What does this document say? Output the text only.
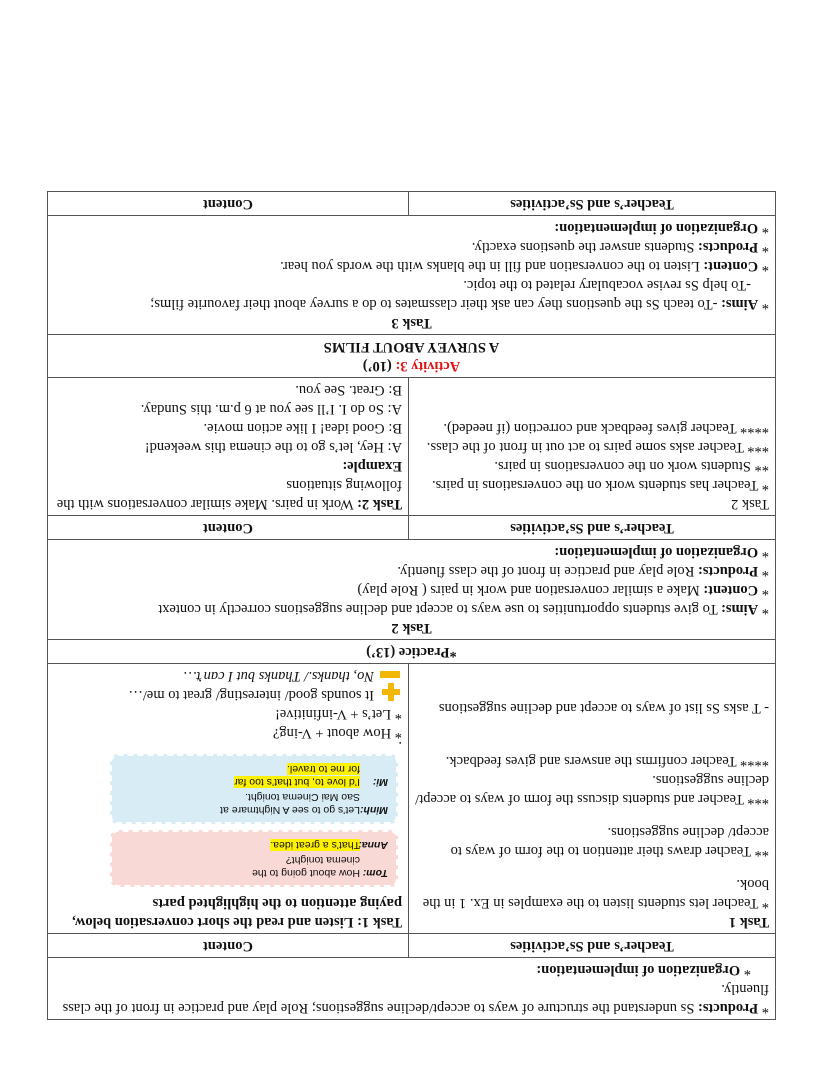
* Products: Ss understand the structure of ways to accept/decline suggestions; Role play and practice in front of the class fluently.

* Organization of implementation:

Teacher’s and Ss’activities
Content

Task 1

* Teacher lets students listen to the examples in Ex. 1 in the book.

** Teacher draws their attention to the form of ways to accept/ decline suggestions.

*** Teacher and students discuss the form of ways to accept/ decline suggestions.

**** Teacher confirms the answers and gives feedback.

- T asks Ss list of ways to accept and decline suggestions

Task 1: Listen and read the short conversation below, paying attention to the highlighted parts

Tom:
How about going to the
cinema tonight?
Anna:
That’s a great idea.
Minh:
Let’s go to see A Nightmare at
Sao Mai Cinema tonight.
Mi:
I’d love to, but that’s too far
for me to travel.

.

* How about + V-ing?

* Let’s + V-infinitive!

It sounds good/ interesting/ great to me/…

No, thanks./ Thanks but I can’t…

*Practice (13’)

Task 2

* Aims: To give students opportunities to use ways to accept and decline suggestions correctly in context

* Content: Make a similar conversation and work in pairs ( Role play)

* Products: Role play and practice in front of the class fluently.

* Organization of implementation:

Teacher’s and Ss’activities
Content

Task 2

* Teacher has students work on the conversations in pairs.

** Students work on the conversations in pairs.

*** Teacher asks some pairs to act out in front of the class.

**** Teacher gives feedback and correction (if needed).

Task 2: Work in pairs. Make similar conversations with the following situations

Example:

A: Hey, let’s go to the cinema this weekend!

B: Good idea! I like action movie.

A: So do I. I’ll see you at 6 p.m. this Sunday.

B: Great. See you.

Activity 3: (10’)

A SURVEY ABOUT FILMS

Task 3

* Aims: -To teach Ss the questions they can ask their classmates to do a survey about their favourite films;

-To help Ss revise vocabulary related to the topic.

* Content: Listen to the conversation and fill in the blanks with the words you hear.

* Products: Students answer the questions exactly.

* Organization of implementation:

Teacher’s and Ss’activities
Content
